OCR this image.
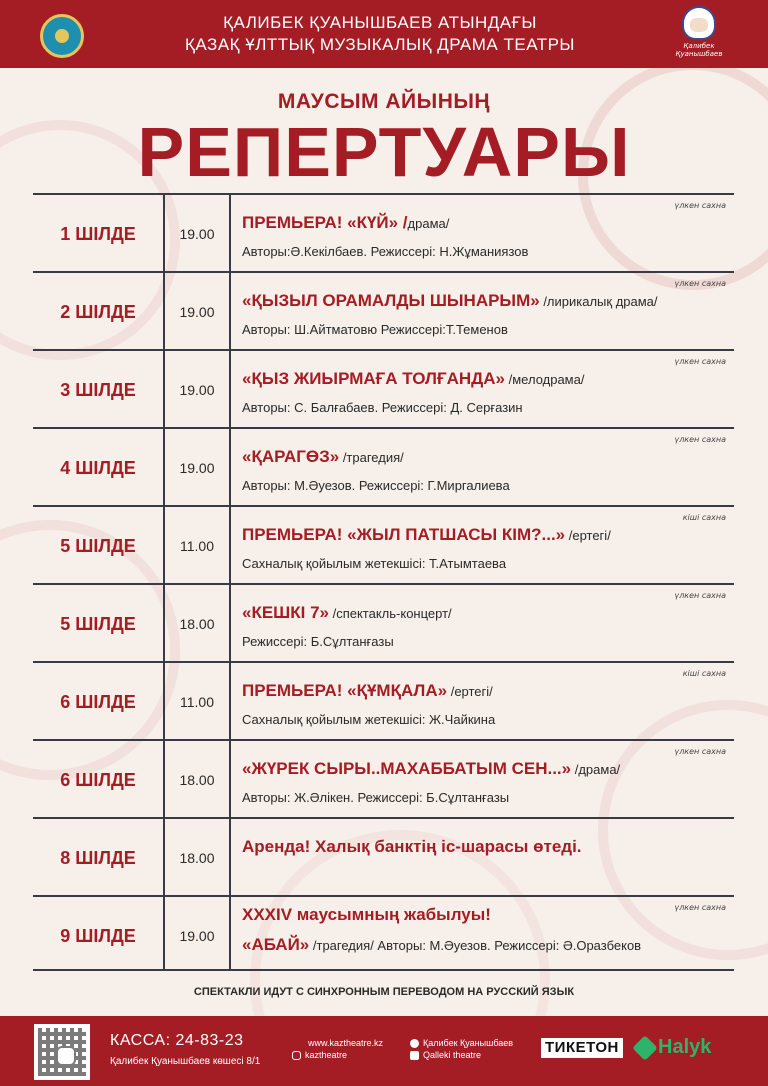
ҚАЛИБЕК ҚУАНЫШБАЕВ АТЫНДАҒЫ
ҚАЗАҚ ҰЛТТЫҚ МУЗЫКАЛЫҚ ДРАМА ТЕАТРЫ	Қалибек Қуанышбаев
МАУСЫМ АЙЫНЫҢ
РЕПЕРТУАРЫ
1 ШІЛДЕ	19.00
үлкен сахна
ПРЕМЬЕРА! «КҮЙ» /драма/
Авторы:Ә.Кекілбаев. Режиссері: Н.Жұманиязов
2 ШІЛДЕ	19.00
үлкен сахна
«ҚЫЗЫЛ ОРАМАЛДЫ ШЫНАРЫМ» /лирикалық драма/
Авторы: Ш.Айтматовю Режиссері:Т.Теменов
3 ШІЛДЕ	19.00
үлкен сахна
«ҚЫЗ ЖИЫРМАҒА ТОЛҒАНДА» /мелодрама/
Авторы: С. Балғабаев. Режиссері: Д. Серғазин
4 ШІЛДЕ	19.00
үлкен сахна
«ҚАРАГӨЗ» /трагедия/
Авторы: М.Әуезов. Режиссері: Г.Миргалиева
5 ШІЛДЕ	11.00
кіші сахна
ПРЕМЬЕРА! «ЖЫЛ ПАТШАСЫ КІМ?...» /ертегі/
Сахналық қойылым жетекшісі: Т.Атымтаева
5 ШІЛДЕ	18.00
үлкен сахна
«КЕШКІ 7» /спектакль-концерт/
Режиссері: Б.Сұлтанғазы
6 ШІЛДЕ	11.00
кіші сахна
ПРЕМЬЕРА! «ҚҰМҚАЛА» /ертегі/
Сахналық қойылым жетекшісі: Ж.Чайкина
6 ШІЛДЕ	18.00
үлкен сахна
«ЖҮРЕК СЫРЫ..МАХАББАТЫМ СЕН...» /драма/
Авторы: Ж.Әлікен. Режиссері: Б.Сұлтанғазы
8 ШІЛДЕ	18.00
Аренда! Халық банктің іс-шарасы өтеді.
9 ШІЛДЕ	19.00
үлкен сахна
XXXIV маусымның жабылуы!
«АБАЙ» /трагедия/ Авторы: М.Әуезов. Режиссері: Ә.Оразбеков
СПЕКТАКЛИ ИДУТ С СИНХРОННЫМ ПЕРЕВОДОМ НА РУССКИЙ ЯЗЫК
КАССА: 24-83-23
Қалибек Қуанышбаев көшесі 8/1
www.kaztheatre.kz
kaztheatre
Қалибек Қуанышбаев
Qalleki theatre	ТИКЕТОН Halyk
